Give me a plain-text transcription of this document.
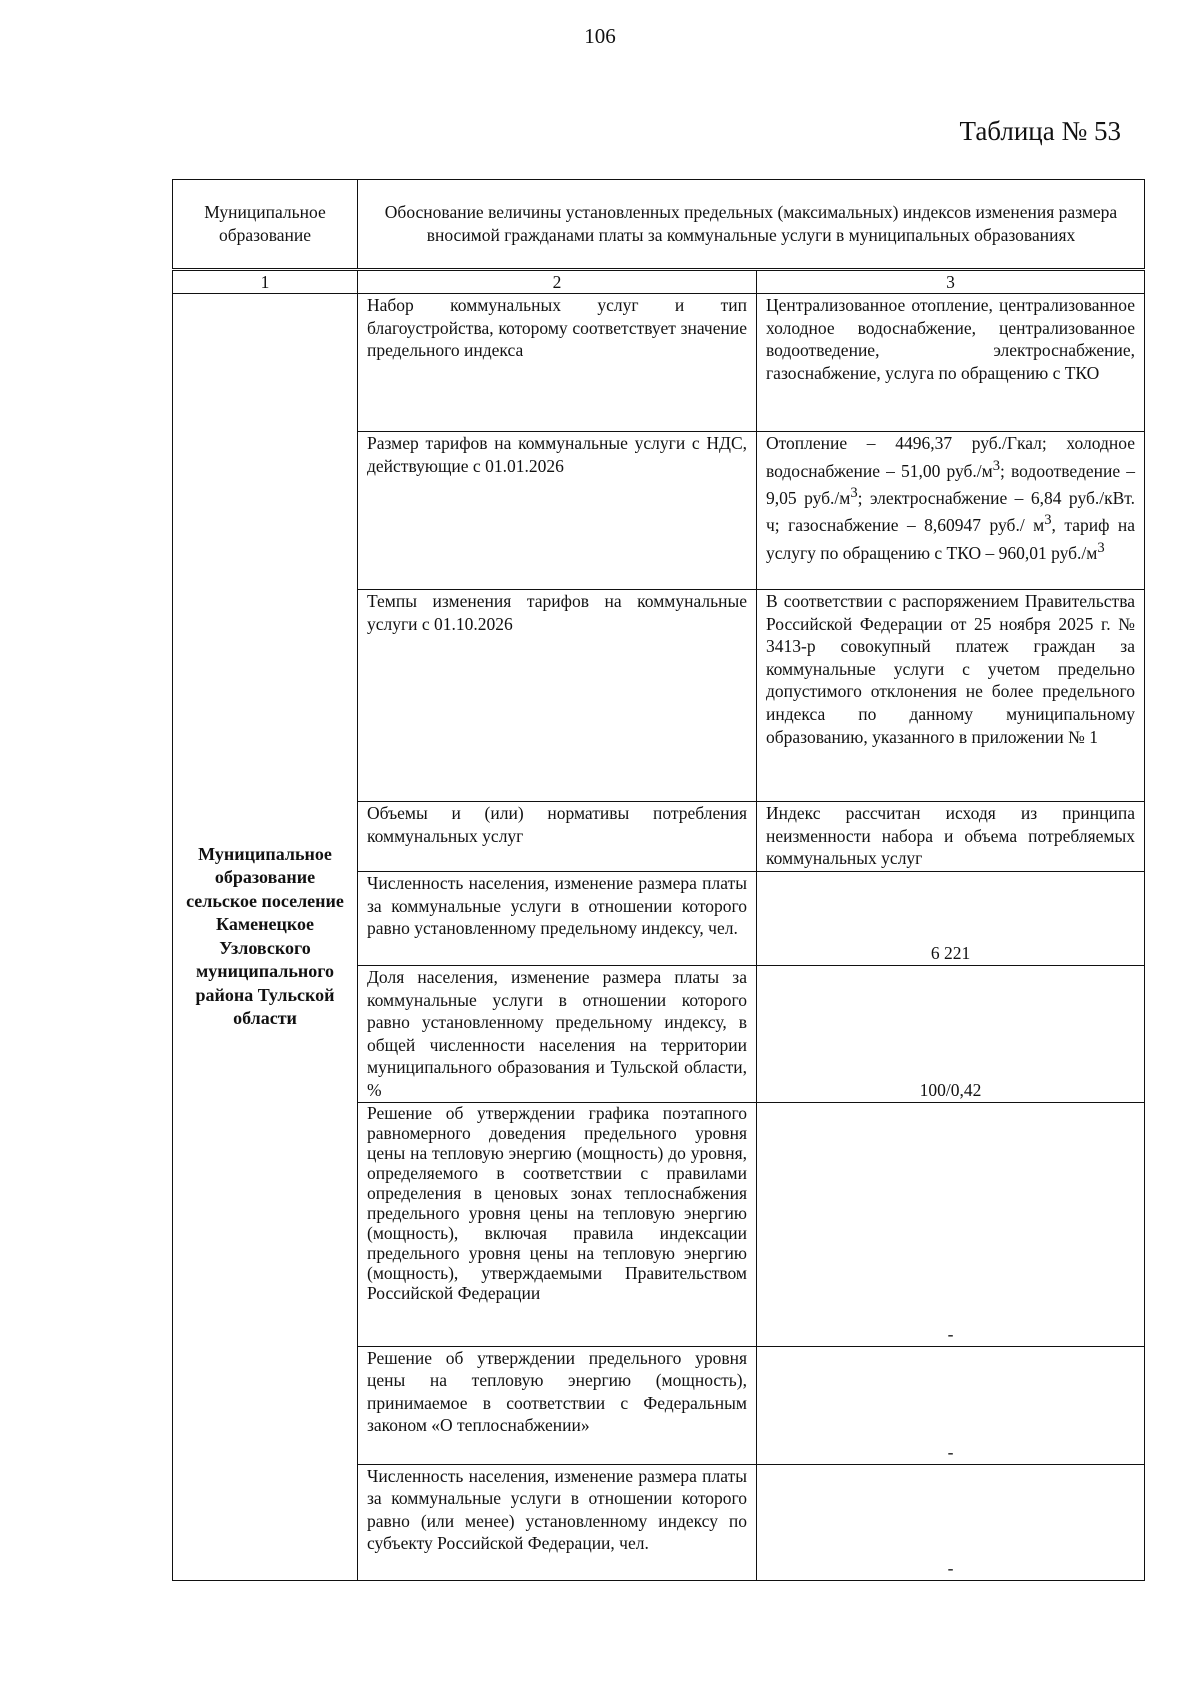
106
Таблица № 53
Муниципальное образование	Обоснование величины установленных предельных (максимальных) индексов изменения размера вносимой гражданами платы за коммунальные услуги в муниципальных образованиях
1	2	3
Муниципальное образование сельское поселение Каменецкое Узловского муниципального района Тульской области	Набор коммунальных услуг и тип благоустройства, которому соответствует значение предельного индекса	Централизованное отопление, централизованное холодное водоснабжение, централизованное водоотведение, электроснабжение, газоснабжение, услуга по обращению с ТКО
	Размер тарифов на коммунальные услуги с НДС, действующие с 01.01.2026	Отопление – 4496,37 руб./Гкал; холодное водоснабжение – 51,00 $руб./м^3$; водоотведение – 9,05 $руб./м^3$; электроснабжение – 6,84 руб./кВт. ч; газоснабжение – 8,60947 руб./ $м^3$, тариф на услугу по обращению с ТКО – 960,01 $руб./м^3$
	Темпы изменения тарифов на коммунальные услуги с 01.10.2026	В соответствии с распоряжением Правительства Российской Федерации от 25 ноября 2025 г. № 3413-р совокупный платеж граждан за коммунальные услуги с учетом предельно допустимого отклонения не более предельного индекса по данному муниципальному образованию, указанного в приложении № 1
	Объемы и (или) нормативы потребления коммунальных услуг	Индекс рассчитан исходя из принципа неизменности набора и объема потребляемых коммунальных услуг
	Численность населения, изменение размера платы за коммунальные услуги в отношении которого равно установленному предельному индексу, чел.	6 221
	Доля населения, изменение размера платы за коммунальные услуги в отношении которого равно установленному предельному индексу, в общей численности населения на территории муниципального образования и Тульской области, %	100/0,42
	Решение об утверждении графика поэтапного равномерного доведения предельного уровня цены на тепловую энергию (мощность) до уровня, определяемого в соответствии с правилами определения в ценовых зонах теплоснабжения предельного уровня цены на тепловую энергию (мощность), включая правила индексации предельного уровня цены на тепловую энергию (мощность), утверждаемыми Правительством Российской Федерации	-
	Решение об утверждении предельного уровня цены на тепловую энергию (мощность), принимаемое в соответствии с Федеральным законом «О теплоснабжении»	-
	Численность населения, изменение размера платы за коммунальные услуги в отношении которого равно (или менее) установленному индексу по субъекту Российской Федерации, чел.	-
